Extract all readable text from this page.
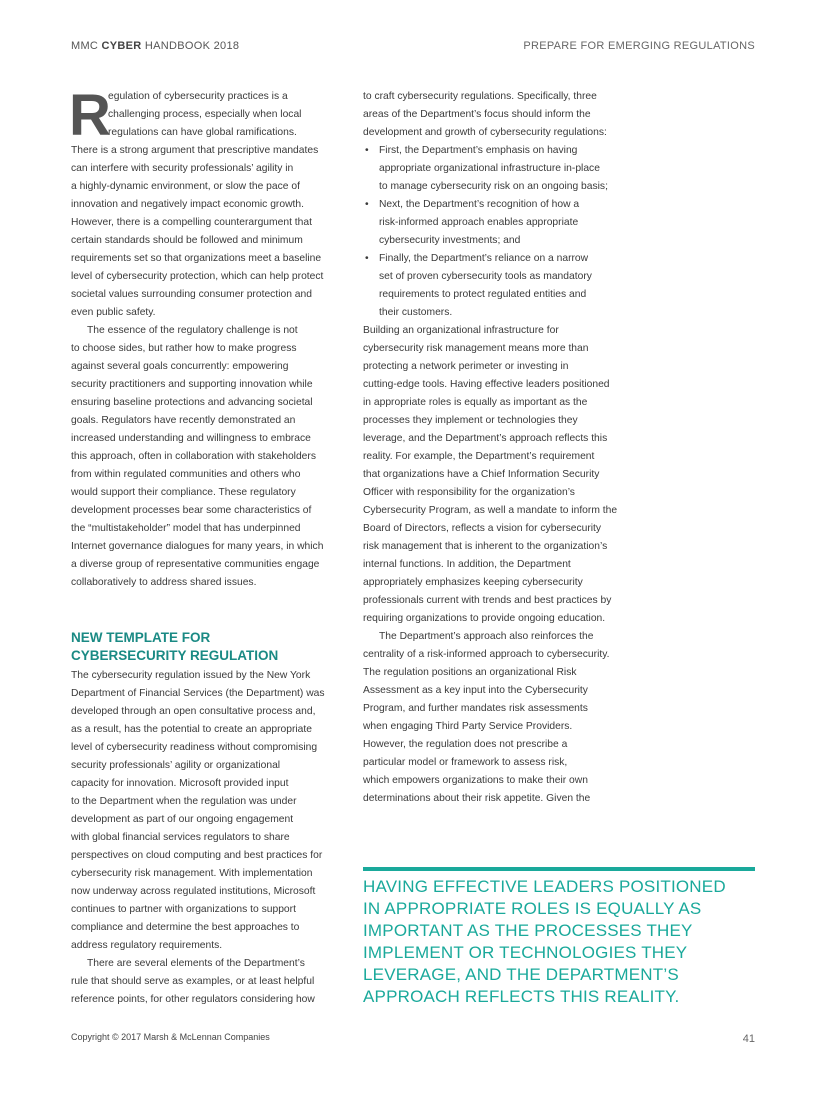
MMC CYBER HANDBOOK 2018	PREPARE FOR EMERGING REGULATIONS
R
egulation of cybersecurity practices is a
challenging process, especially when local
regulations can have global ramifications.
There is a strong argument that prescriptive mandates
can interfere with security professionals’ agility in
a highly-dynamic environment, or slow the pace of
innovation and negatively impact economic growth.
However, there is a compelling counterargument that
certain standards should be followed and minimum
requirements set so that organizations meet a baseline
level of cybersecurity protection, which can help protect
societal values surrounding consumer protection and
even public safety.
The essence of the regulatory challenge is not
to choose sides, but rather how to make progress
against several goals concurrently: empowering
security practitioners and supporting innovation while
ensuring baseline protections and advancing societal
goals. Regulators have recently demonstrated an
increased understanding and willingness to embrace
this approach, often in collaboration with stakeholders
from within regulated communities and others who
would support their compliance. These regulatory
development processes bear some characteristics of
the “multistakeholder” model that has underpinned
Internet governance dialogues for many years, in which
a diverse group of representative communities engage
collaboratively to address shared issues.
NEW TEMPLATE FOR
CYBERSECURITY REGULATION
The cybersecurity regulation issued by the New York
Department of Financial Services (the Department) was
developed through an open consultative process and,
as a result, has the potential to create an appropriate
level of cybersecurity readiness without compromising
security professionals’ agility or organizational
capacity for innovation. Microsoft provided input
to the Department when the regulation was under
development as part of our ongoing engagement
with global financial services regulators to share
perspectives on cloud computing and best practices for
cybersecurity risk management. With implementation
now underway across regulated institutions, Microsoft
continues to partner with organizations to support
compliance and determine the best approaches to
address regulatory requirements.
There are several elements of the Department’s
rule that should serve as examples, or at least helpful
reference points, for other regulators considering how
to craft cybersecurity regulations. Specifically, three
areas of the Department’s focus should inform the
development and growth of cybersecurity regulations:
• First, the Department’s emphasis on having
appropriate organizational infrastructure in-place
to manage cybersecurity risk on an ongoing basis;
• Next, the Department’s recognition of how a
risk-informed approach enables appropriate
cybersecurity investments; and
• Finally, the Department’s reliance on a narrow
set of proven cybersecurity tools as mandatory
requirements to protect regulated entities and
their customers.
Building an organizational infrastructure for
cybersecurity risk management means more than
protecting a network perimeter or investing in
cutting-edge tools. Having effective leaders positioned
in appropriate roles is equally as important as the
processes they implement or technologies they
leverage, and the Department’s approach reflects this
reality. For example, the Department’s requirement
that organizations have a Chief Information Security
Officer with responsibility for the organization’s
Cybersecurity Program, as well a mandate to inform the
Board of Directors, reflects a vision for cybersecurity
risk management that is inherent to the organization’s
internal functions. In addition, the Department
appropriately emphasizes keeping cybersecurity
professionals current with trends and best practices by
requiring organizations to provide ongoing education.
The Department’s approach also reinforces the
centrality of a risk-informed approach to cybersecurity.
The regulation positions an organizational Risk
Assessment as a key input into the Cybersecurity
Program, and further mandates risk assessments
when engaging Third Party Service Providers.
However, the regulation does not prescribe a
particular model or framework to assess risk,
which empowers organizations to make their own
determinations about their risk appetite. Given the
HAVING EFFECTIVE LEADERS POSITIONED
IN APPROPRIATE ROLES IS EQUALLY AS
IMPORTANT AS THE PROCESSES THEY
IMPLEMENT OR TECHNOLOGIES THEY
LEVERAGE, AND THE DEPARTMENT’S
APPROACH REFLECTS THIS REALITY.
Copyright © 2017 Marsh & McLennan Companies	41
